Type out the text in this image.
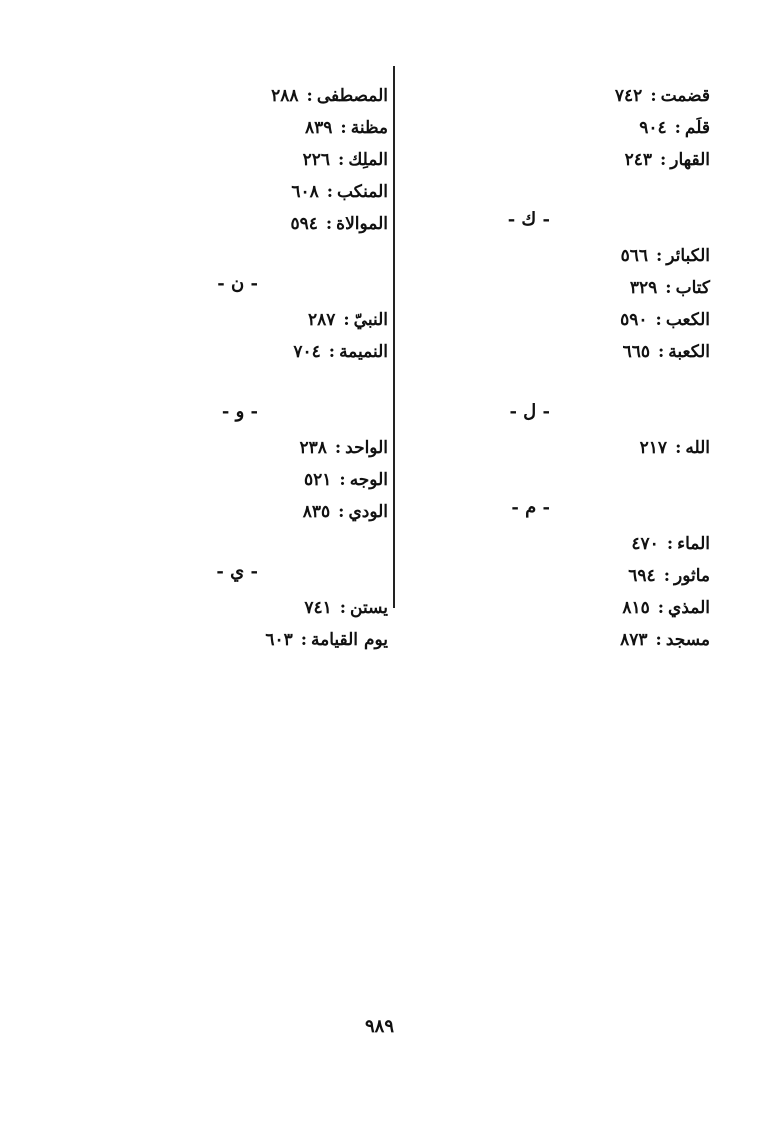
قضمت:٧٤٢
قلَم:٩٠٤
القهار:٢٤٣
- ك -
الكبائر:٥٦٦
كتاب:٣٢٩
الكعب:٥٩٠
الكعبة:٦٦٥
- ل -
الله:٢١٧
- م -
الماء:٤٧٠
ماثور:٦٩٤
المذي:٨١٥
مسجد:٨٧٣
المصطفى:٢٨٨
مظنة:٨٣٩
الملِك:٢٢٦
المنكب:٦٠٨
الموالاة:٥٩٤
- ن -
النبيّ:٢٨٧
النميمة:٧٠٤
- و -
الواحد:٢٣٨
الوجه:٥٢١
الودي:٨٣٥
- ي -
يستن:٧٤١
يوم القيامة:٦٠٣
٩٨٩
